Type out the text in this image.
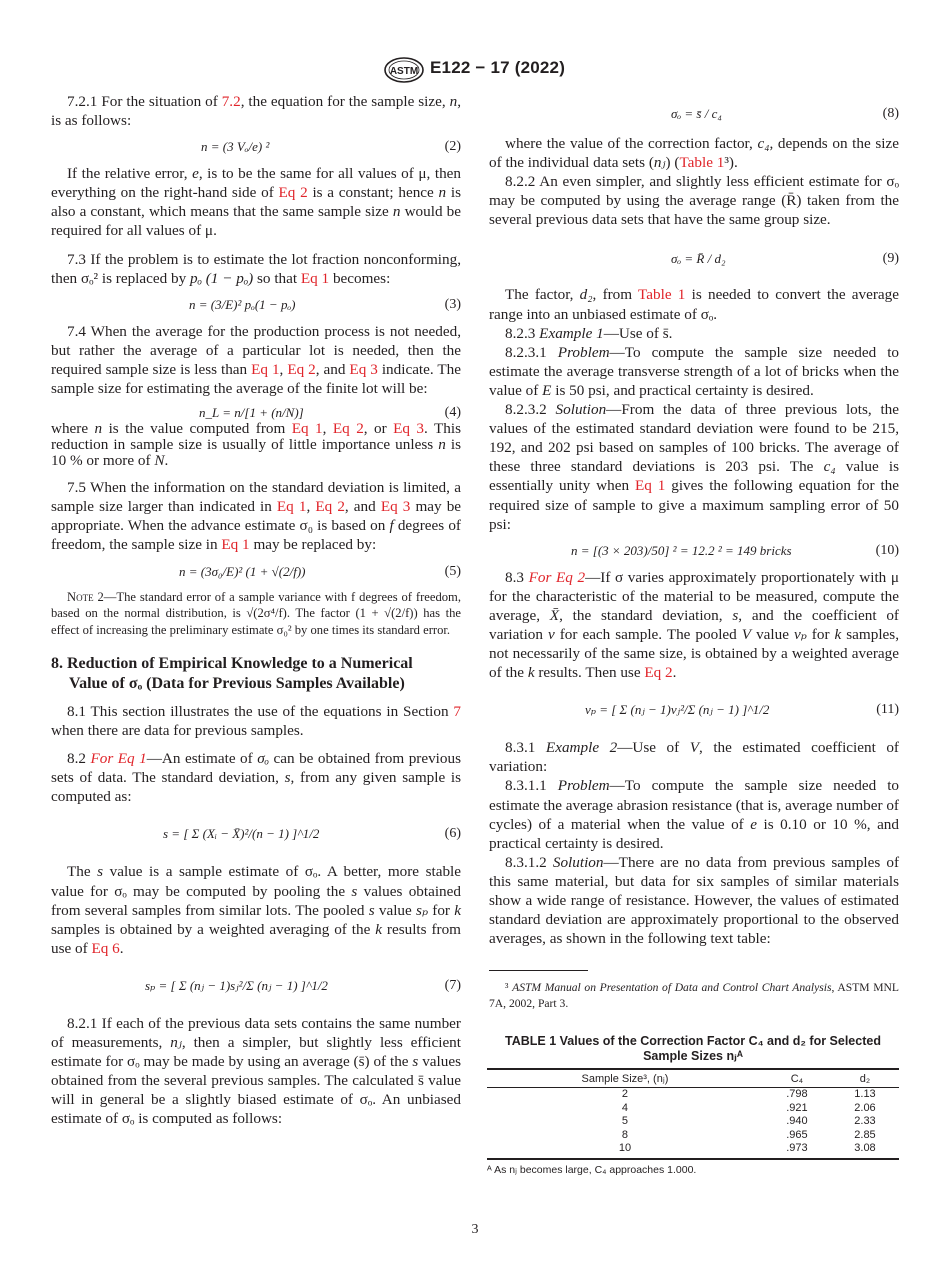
ASTM E122 − 17 (2022)

7.2.1 For the situation of 7.2, the equation for the sample size, n, is as follows:

n = (3 Vₒ/e) ²	(2)

If the relative error, e, is to be the same for all values of μ, then everything on the right-hand side of Eq 2 is a constant; hence n is also a constant, which means that the same sample size n would be required for all values of μ.

7.3 If the problem is to estimate the lot fraction nonconforming, then σₒ² is replaced by pₒ (1 − pₒ) so that Eq 1 becomes:

n = (3/E)² pₒ(1 − pₒ)	(3)

7.4 When the average for the production process is not needed, but rather the average of a particular lot is needed, then the required sample size is less than Eq 1, Eq 2, and Eq 3 indicate. The sample size for estimating the average of the finite lot will be:

n_L = n/[1 + (n/N)]	(4)

where n is the value computed from Eq 1, Eq 2, or Eq 3. This reduction in sample size is usually of little importance unless n is 10 % or more of N.

7.5 When the information on the standard deviation is limited, a sample size larger than indicated in Eq 1, Eq 2, and Eq 3 may be appropriate. When the advance estimate σ₀ is based on f degrees of freedom, the sample size in Eq 1 may be replaced by:

n = (3σ₀/E)² (1 + √(2/f))	(5)

Note 2—The standard error of a sample variance with f degrees of freedom, based on the normal distribution, is √(2σ⁴/f). The factor (1 + √(2/f)) has the effect of increasing the preliminary estimate σ₀² by one times its standard error.

8. Reduction of Empirical Knowledge to a Numerical
Value of σₒ (Data for Previous Samples Available)

8.1 This section illustrates the use of the equations in Section 7 when there are data for previous samples.

8.2 For Eq 1—An estimate of σₒ can be obtained from previous sets of data. The standard deviation, s, from any given sample is computed as:

s = [ Σ (Xᵢ − X̄)²/(n − 1) ]^1/2	(6)

The s value is a sample estimate of σₒ. A better, more stable value for σₒ may be computed by pooling the s values obtained from several samples from similar lots. The pooled s value sₚ for k samples is obtained by a weighted averaging of the k results from use of Eq 6.

sₚ = [ Σ (nⱼ − 1)sⱼ²/Σ (nⱼ − 1) ]^1/2	(7)

8.2.1 If each of the previous data sets contains the same number of measurements, nⱼ, then a simpler, but slightly less efficient estimate for σₒ may be made by using an average (s̄) of the s values obtained from the several previous samples. The calculated s̄ value will in general be a slightly biased estimate of σₒ. An unbiased estimate of σₒ is computed as follows:

σₒ = s̄ / c₄	(8)

where the value of the correction factor, c₄, depends on the size of the individual data sets (nⱼ) (Table 1³).

8.2.2 An even simpler, and slightly less efficient estimate for σₒ may be computed by using the average range (R̄) taken from the several previous data sets that have the same group size.

σₒ = R̄ / d₂	(9)

The factor, d₂, from Table 1 is needed to convert the average range into an unbiased estimate of σₒ.

8.2.3 Example 1—Use of s̄.

8.2.3.1 Problem—To compute the sample size needed to estimate the average transverse strength of a lot of bricks when the value of E is 50 psi, and practical certainty is desired.

8.2.3.2 Solution—From the data of three previous lots, the values of the estimated standard deviation were found to be 215, 192, and 202 psi based on samples of 100 bricks. The average of these three standard deviations is 203 psi. The c₄ value is essentially unity when Eq 1 gives the following equation for the required size of sample to give a maximum sampling error of 50 psi:

n = [(3 × 203)/50] ² = 12.2 ² = 149 bricks	(10)

8.3 For Eq 2—If σ varies approximately proportionately with μ for the characteristic of the material to be measured, compute the average, X̄, the standard deviation, s, and the coefficient of variation v for each sample. The pooled V value vₚ for k samples, not necessarily of the same size, is obtained by a weighted average of the k results. Then use Eq 2.

vₚ = [ Σ (nⱼ − 1)vⱼ²/Σ (nⱼ − 1) ]^1/2	(11)

8.3.1 Example 2—Use of V, the estimated coefficient of variation:

8.3.1.1 Problem—To compute the sample size needed to estimate the average abrasion resistance (that is, average number of cycles) of a material when the value of e is 0.10 or 10 %, and practical certainty is desired.

8.3.1.2 Solution—There are no data from previous samples of this same material, but data for six samples of similar materials show a wide range of resistance. However, the values of estimated standard deviation are approximately proportional to the observed averages, as shown in the following text table:

³ ASTM Manual on Presentation of Data and Control Chart Analysis, ASTM MNL 7A, 2002, Part 3.

TABLE 1 Values of the Correction Factor C₄ and d₂ for Selected Sample Sizes nⱼᴬ
Sample Size³, (nⱼ)	C₄	d₂
2	.798	1.13
4	.921	2.06
5	.940	2.33
8	.965	2.85
10	.973	3.08
ᴬ As nⱼ becomes large, C₄ approaches 1.000.
3
